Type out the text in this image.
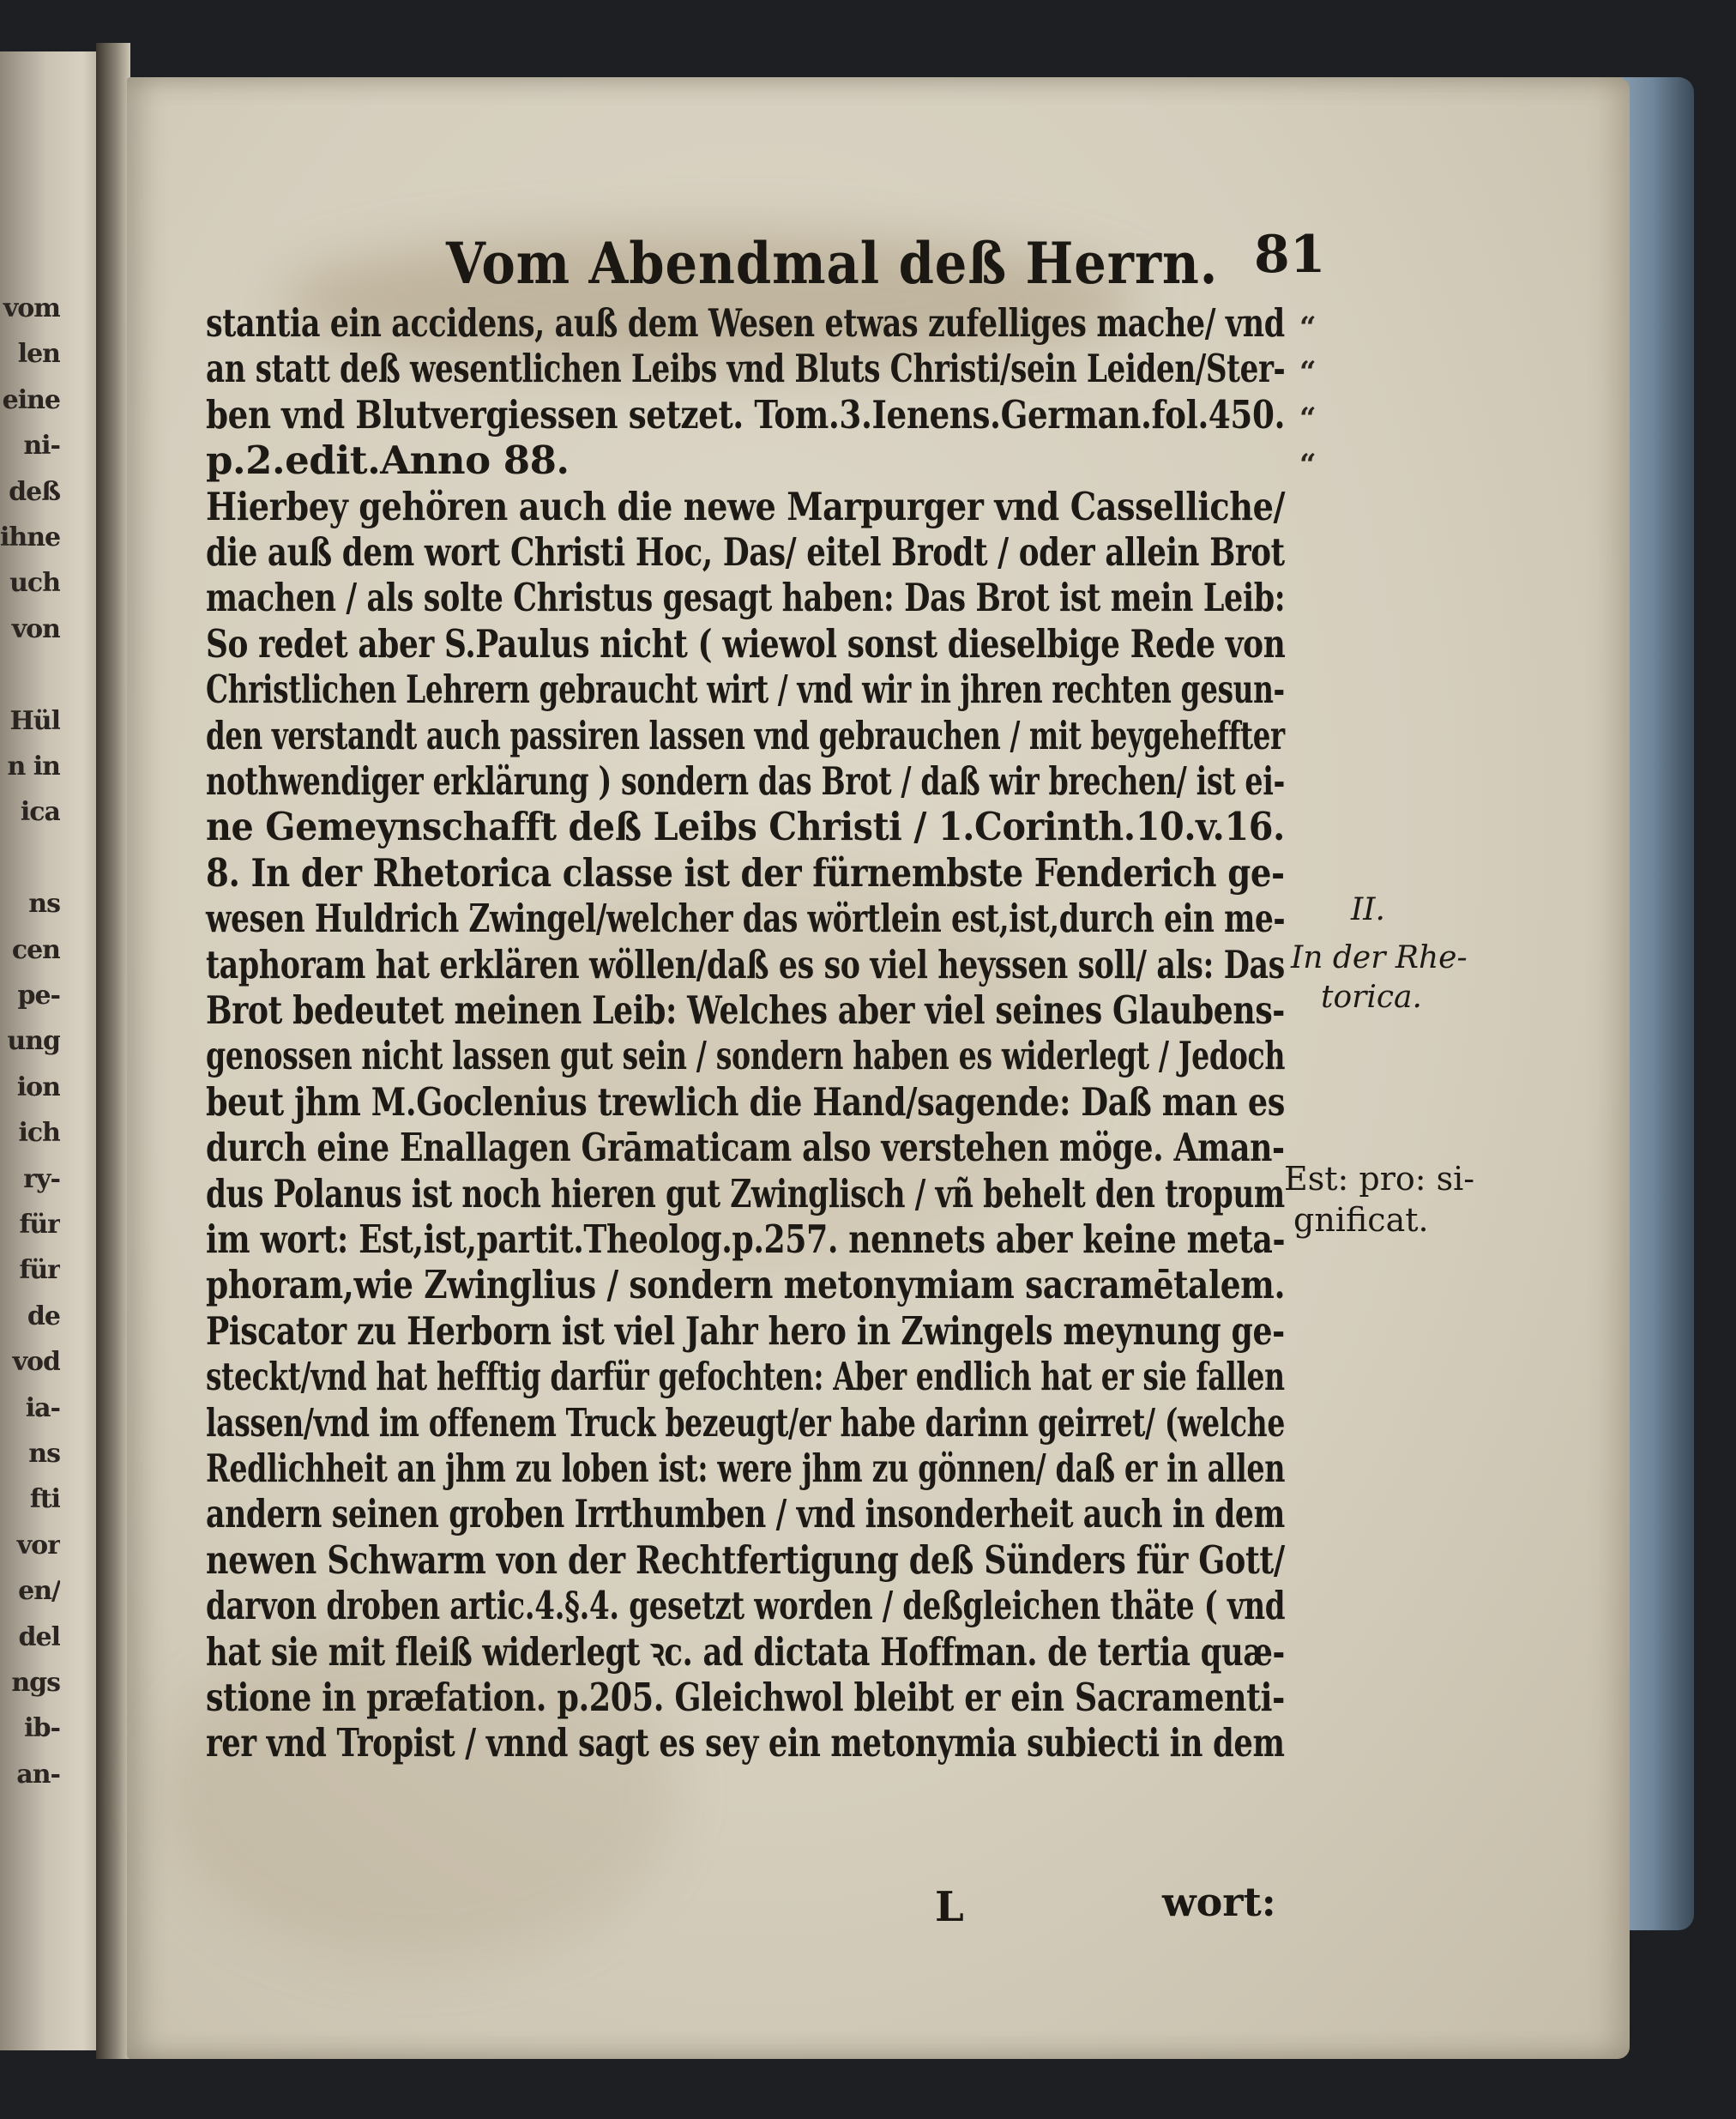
vom
len
eine
ni-
deß
ihne
uch
von
Hül
n in
ica
ns
cen
pe-
ung
ion
ich
ry-
für
für
de
vod
ia-
ns
fti
vor
en/
del
ngs
ib-
an-
Vom Abendmal deß Herrn. 81
stantia ein accidens, auß dem Wesen etwas zufelliges mache/ vnd
an statt deß wesentlichen Leibs vnd Bluts Christi/sein Leiden/Ster-
ben vnd Blutvergiessen setzet. Tom.3.Ienens.German.fol.450.
p.2.edit.Anno 88.
Hierbey gehören auch die newe Marpurger vnd Casselliche/
die auß dem wort Christi Hoc, Das/ eitel Brodt / oder allein Brot
machen / als solte Christus gesagt haben: Das Brot ist mein Leib:
So redet aber S.Paulus nicht ( wiewol sonst dieselbige Rede von
Christlichen Lehrern gebraucht wirt / vnd wir in jhren rechten gesun-
den verstandt auch passiren lassen vnd gebrauchen / mit beygeheffter
nothwendiger erklärung ) sondern das Brot / daß wir brechen/ ist ei-
ne Gemeynschafft deß Leibs Christi / 1.Corinth.10.v.16.
8. In der Rhetorica classe ist der fürnembste Fenderich ge-
wesen Huldrich Zwingel/welcher das wörtlein est,ist,durch ein me-
taphoram hat erklären wöllen/daß es so viel heyssen soll/ als: Das
Brot bedeutet meinen Leib: Welches aber viel seines Glaubens-
genossen nicht lassen gut sein / sondern haben es widerlegt / Jedoch
beut jhm M.Goclenius trewlich die Hand/sagende: Daß man es
durch eine Enallagen Grāmaticam also verstehen möge. Aman-
dus Polanus ist noch hieren gut Zwinglisch / vñ behelt den tropum
im wort: Est,ist,partit.Theolog.p.257. nennets aber keine meta-
phoram,wie Zwinglius / sondern metonymiam sacramētalem.
Piscator zu Herborn ist viel Jahr hero in Zwingels meynung ge-
steckt/vnd hat hefftig darfür gefochten: Aber endlich hat er sie fallen
lassen/vnd im offenem Truck bezeugt/er habe darinn geirret/ (welche
Redlichheit an jhm zu loben ist: were jhm zu gönnen/ daß er in allen
andern seinen groben Irrthumben / vnd insonderheit auch in dem
newen Schwarm von der Rechtfertigung deß Sünders für Gott/
darvon droben artic.4.§.4. gesetzt worden / deßgleichen thäte ( vnd
hat sie mit fleiß widerlegt ꝛc. ad dictata Hoffman. de tertia quæ-
stione in præfation. p.205. Gleichwol bleibt er ein Sacramenti-
rer vnd Tropist / vnnd sagt es sey ein metonymia subiecti in dem
“
“
“
“
II.
In der Rhe-
torica.
Est: pro: si-
gnificat.
L	wort:
